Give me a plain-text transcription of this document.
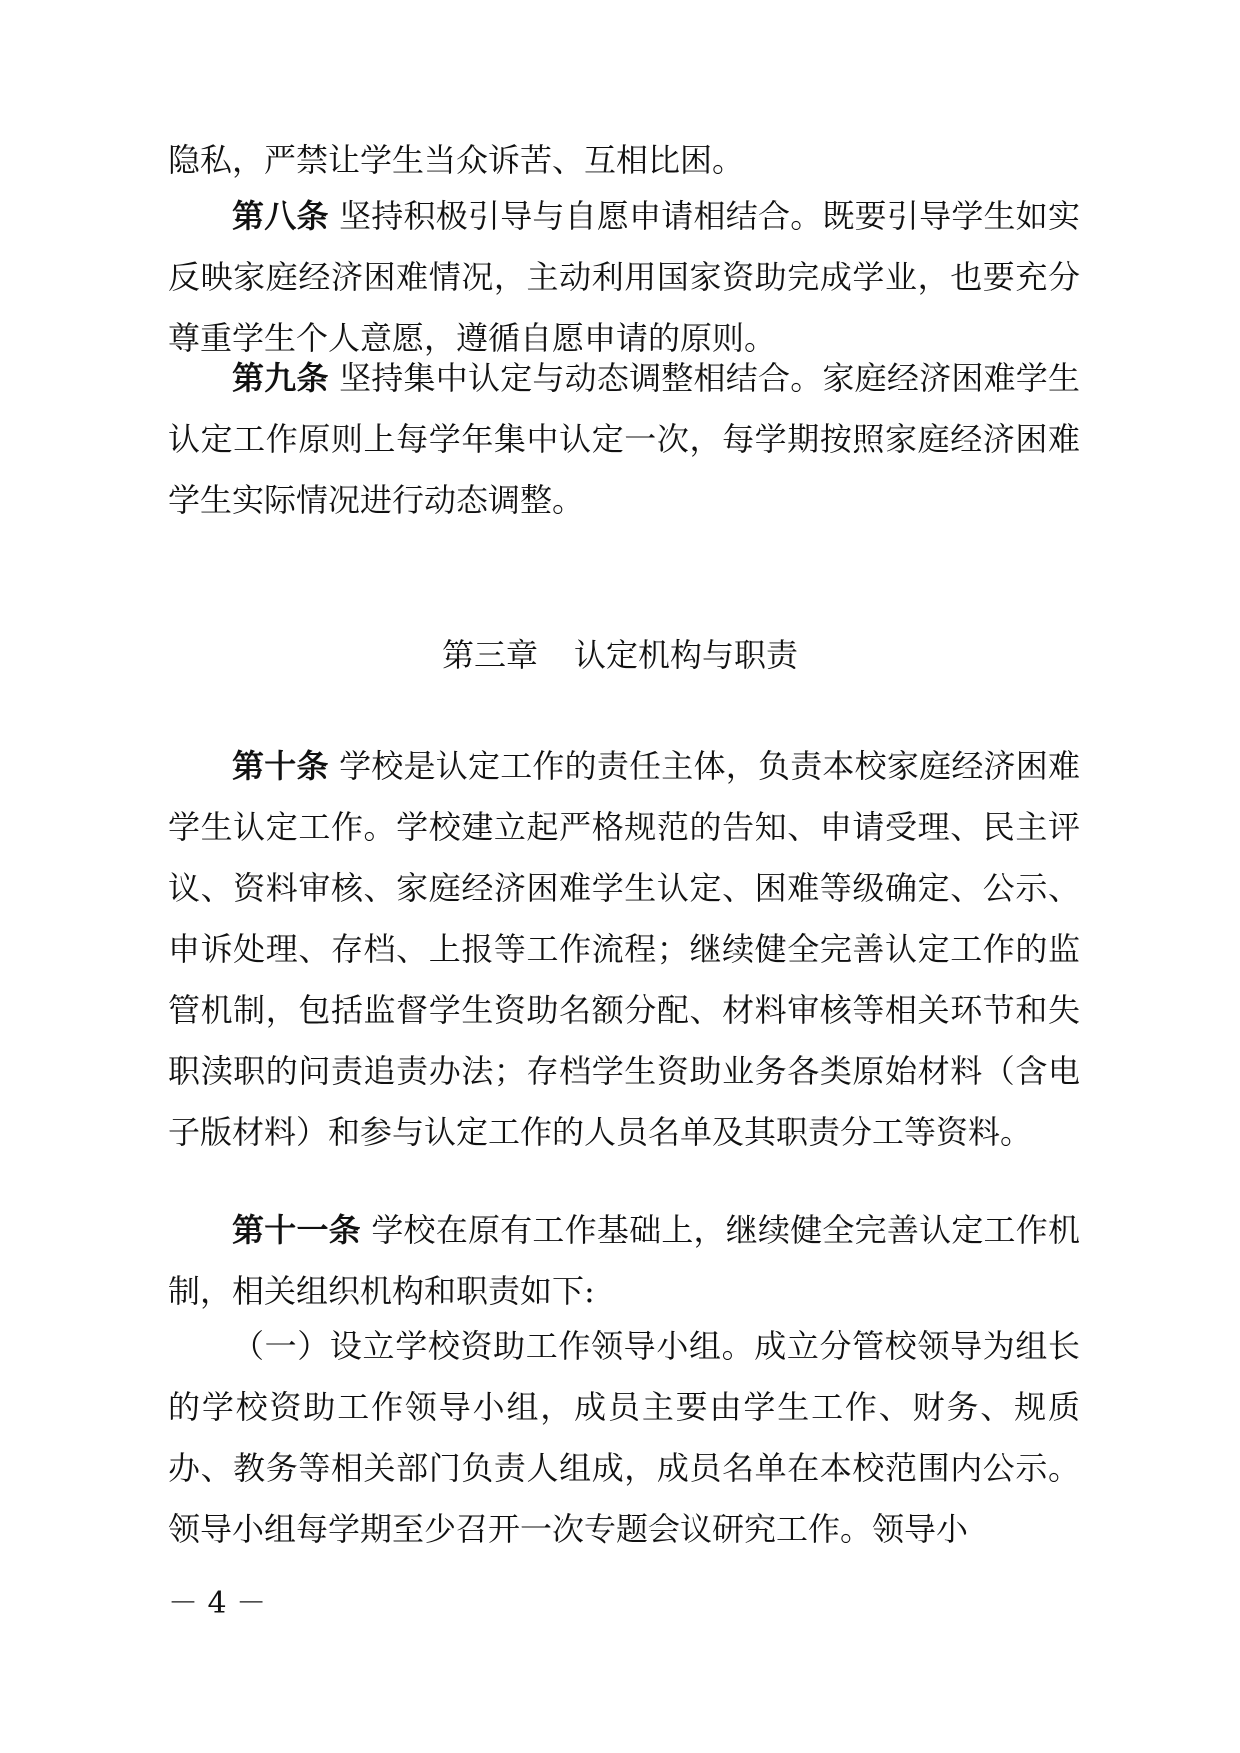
隐私，严禁让学生当众诉苦、互相比困。

第八条 坚持积极引导与自愿申请相结合。既要引导学生如实反映家庭经济困难情况，主动利用国家资助完成学业，也要充分尊重学生个人意愿，遵循自愿申请的原则。

第九条 坚持集中认定与动态调整相结合。家庭经济困难学生认定工作原则上每学年集中认定一次，每学期按照家庭经济困难学生实际情况进行动态调整。

第三章 认定机构与职责

第十条 学校是认定工作的责任主体，负责本校家庭经济困难学生认定工作。学校建立起严格规范的告知、申请受理、民主评议、资料审核、家庭经济困难学生认定、困难等级确定、公示、申诉处理、存档、上报等工作流程；继续健全完善认定工作的监管机制，包括监督学生资助名额分配、材料审核等相关环节和失职渎职的问责追责办法；存档学生资助业务各类原始材料（含电子版材料）和参与认定工作的人员名单及其职责分工等资料。

第十一条 学校在原有工作基础上，继续健全完善认定工作机制，相关组织机构和职责如下:

（一）设立学校资助工作领导小组。成立分管校领导为组长的学校资助工作领导小组，成员主要由学生工作、财务、规质办、教务等相关部门负责人组成，成员名单在本校范围内公示。领导小组每学期至少召开一次专题会议研究工作。领导小

－ 4 －
